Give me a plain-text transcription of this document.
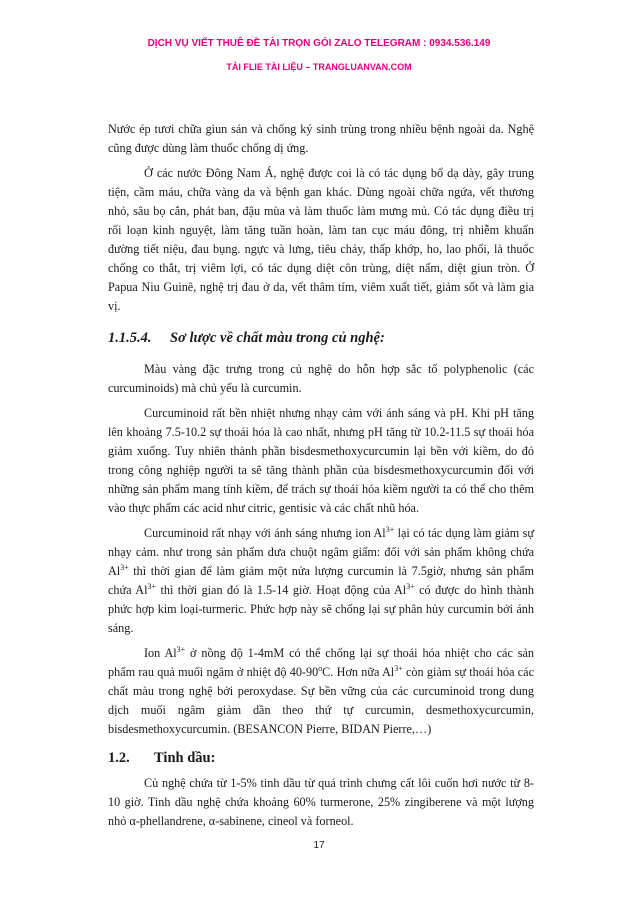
DỊCH VỤ VIẾT THUÊ ĐỀ TÀI TRỌN GÓI ZALO TELEGRAM : 0934.536.149
TẢI FLIE TÀI LIỆU – TRANGLUANVAN.COM

Nước ép tươi chữa giun sán và chống ký sinh trùng trong nhiều bệnh ngoài da. Nghệ cũng được dùng làm thuốc chống dị ứng.

Ở các nước Đông Nam Á, nghệ được coi là có tác dụng bổ dạ dày, gây trung tiện, cầm máu, chữa vàng da và bệnh gan khác. Dùng ngoài chữa ngứa, vết thương nhỏ, sâu bọ cắn, phát ban, đậu mùa và làm thuốc làm mưng mủ. Có tác dụng điều trị rối loạn kinh nguyệt, làm tăng tuần hoàn, làm tan cục máu đông, trị nhiễm khuẩn đường tiết niệu, đau bụng. ngực và lưng, tiêu chảy, thấp khớp, ho, lao phổi, là thuốc chống co thắt, trị viêm lợi, có tác dụng diệt côn trùng, diệt nấm, diệt giun tròn. Ở Papua Niu Guinê, nghệ trị đau ở da, vết thâm tím, viêm xuất tiết, giảm sốt và làm gia vị.

1.1.5.4. Sơ lược về chất màu trong củ nghệ:

Màu vàng đặc trưng trong củ nghệ do hỗn hợp sắc tố polyphenolic (các curcuminoids) mà chủ yếu là curcumin.

Curcuminoid rất bền nhiệt nhưng nhạy cảm với ánh sáng và pH. Khi pH tăng lên khoảng 7.5-10.2 sự thoái hóa là cao nhất, nhưng pH tăng từ 10.2-11.5 sự thoái hóa giảm xuống. Tuy nhiên thành phần bisdesmethoxycurcumin lại bền với kiềm, do đó trong công nghiệp người ta sẽ tăng thành phần của bisdesmethoxycurcumin đối với những sản phẩm mang tính kiềm, để trách sự thoái hóa kiềm người ta có thể cho thêm vào thực phẩm các acid như citric, gentisic và các chất nhũ hóa.

Curcuminoid rất nhạy với ánh sáng nhưng ion $Al^{3+}$ lại có tác dụng làm giảm sự nhạy cảm. như trong sản phẩm dưa chuột ngâm giấm: đối với sản phẩm không chứa $Al^{3+}$ thì thời gian để làm giảm một nửa lượng curcumin là 7.5giờ, nhưng sản phẩm chứa $Al^{3+}$ thì thời gian đó là 1.5-14 giờ. Hoạt động của $Al^{3+}$ có được do hình thành phức hợp kim loại-turmeric. Phức hợp này sẽ chống lại sự phân hủy curcumin bởi ánh sáng.

Ion $Al^{3+}$ ở nồng độ 1-4mM có thể chống lại sự thoái hóa nhiệt cho các sản phẩm rau quả muối ngâm ở nhiệt độ 40-90$^o$C. Hơn nữa $Al^{3+}$ còn giảm sự thoái hóa các chất màu trong nghệ bởi peroxydase. Sự bền vững của các curcuminoid trong dung dịch muối ngâm giảm dần theo thứ tự curcumin, desmethoxycurcumin, bisdesmethoxycurcumin. (BESANCON Pierre, BIDAN Pierre,…)

1.2. Tinh dầu:

Củ nghệ chứa từ 1-5% tinh dầu từ quá trình chưng cất lôi cuốn hơi nước từ 8-10 giờ. Tinh dầu nghệ chứa khoảng 60% turmerone, 25% zingiberene và một lượng nhỏ α-phellandrene, α-sabinene, cineol và forneol.

17
